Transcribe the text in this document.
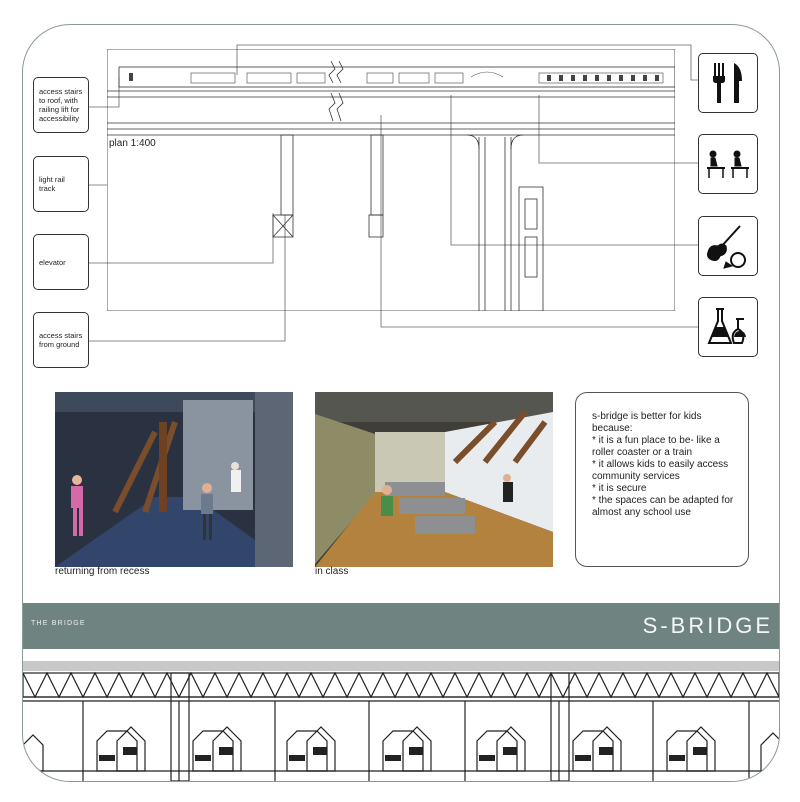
plan 1:400
access stairs to roof, with railing lift for accessibility
light rail track
elevator
access stairs from ground
returning from recess	in class

s-bridge is better for kids because:
* it is a fun place to be- like a roller coaster or a train
* it allows kids to easily access community services
* it is secure
* the spaces can be adapted for almost any school use

THE BRIDGE	S-BRIDGE
